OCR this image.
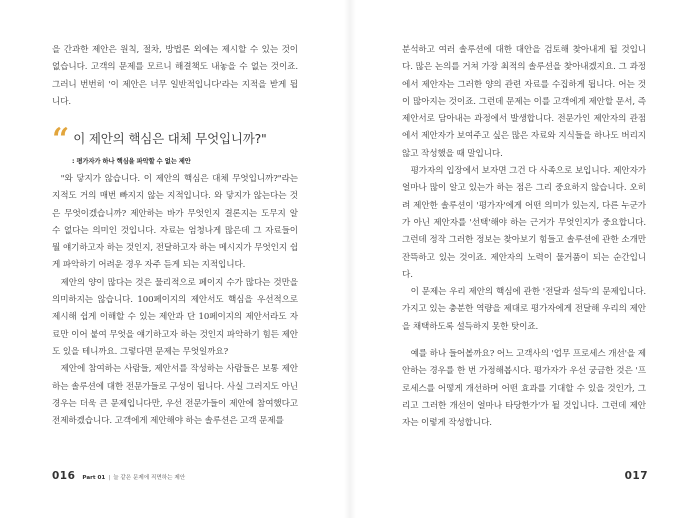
을 간과한 제안은 원칙, 절차, 방법론 외에는 제시할 수 있는 것이 없습니다. 고객의 문제를 모르니 해결책도 내놓을 수 없는 것이죠. 그러니 번번히 '이 제안은 너무 일반적입니다'라는 지적을 받게 됩니다.

“ 이 제안의 핵심은 대체 무엇입니까?"
: 평가자가 하나 핵심을 파악할 수 없는 제안

"와 닿지가 않습니다. 이 제안의 핵심은 대체 무엇입니까?"라는 지적도 거의 매번 빠지지 않는 지적입니다. 와 닿지가 않는다는 것은 무엇이겠습니까? 제안하는 바가 무엇인지 결론지는 도무지 알 수 없다는 의미인 것입니다. 자료는 엄청나게 많은데 그 자료들이 뭘 얘기하고자 하는 것인지, 전달하고자 하는 메시지가 무엇인지 쉽게 파악하기 어려운 경우 자주 듣게 되는 지적입니다.

제안의 양이 많다는 것은 물리적으로 페이지 수가 많다는 것만을 의미하지는 않습니다. 100페이지의 제안서도 핵심을 우선적으로 제시해 쉽게 이해할 수 있는 제안과 단 10페이지의 제안서라도 자료만 이어 붙여 무엇을 얘기하고자 하는 것인지 파악하기 힘든 제안도 있을 테니까요. 그렇다면 문제는 무엇일까요?

제안에 참여하는 사람들, 제안서를 작성하는 사람들은 보통 제안하는 솔루션에 대한 전문가들로 구성이 됩니다. 사실 그러지도 아닌 경우는 더욱 큰 문제입니다만, 우선 전문가들이 제안에 참여했다고 전제하겠습니다. 고객에게 제안해야 하는 솔루션은 고객 문제를

016 Part 01 | 늘 같은 문제에 직면하는 제안

분석하고 여러 솔루션에 대한 대안을 검토해 찾아내게 될 것입니다. 많은 논의를 거쳐 가장 최적의 솔루션을 찾아내겠지요. 그 과정에서 제안자는 그러한 양의 관련 자료를 수집하게 됩니다. 어는 것이 많아지는 것이죠. 그런데 문제는 이를 고객에게 제안할 문서, 즉 제안서로 담아내는 과정에서 발생합니다. 전문가인 제안자의 관점에서 제안자가 보여주고 싶은 많은 자료와 지식들을 하나도 버리지 않고 작성했을 때 말입니다.

평가자의 입장에서 보자면 그건 다 사족으로 보입니다. 제안자가 얼마나 많이 알고 있는가 하는 점은 그리 중요하지 않습니다. 오히려 제안한 솔루션이 '평가자'에게 어떤 의미가 있는지, 다른 누군가가 아닌 제안자를 '선택'해야 하는 근거가 무엇인지가 중요합니다. 그런데 정작 그러한 정보는 찾아보기 힘들고 솔루션에 관한 소개만 잔뜩하고 있는 것이죠. 제안자의 노력이 물거품이 되는 순간입니다.

이 문제는 우리 제안의 핵심에 관한 '전달과 설득'의 문제입니다. 가지고 있는 충분한 역량을 제대로 평가자에게 전달해 우리의 제안을 채택하도록 설득하지 못한 탓이죠.

예를 하나 들어볼까요? 어느 고객사의 '업무 프로세스 개선'을 제안하는 경우를 한 번 가정해봅시다. 평가자가 우선 궁금한 것은 '프로세스를 어떻게 개선하며 어떤 효과를 기대할 수 있을 것인가, 그리고 그러한 개선이 얼마나 타당한가'가 될 것입니다. 그런데 제안자는 이렇게 작성합니다.

017
